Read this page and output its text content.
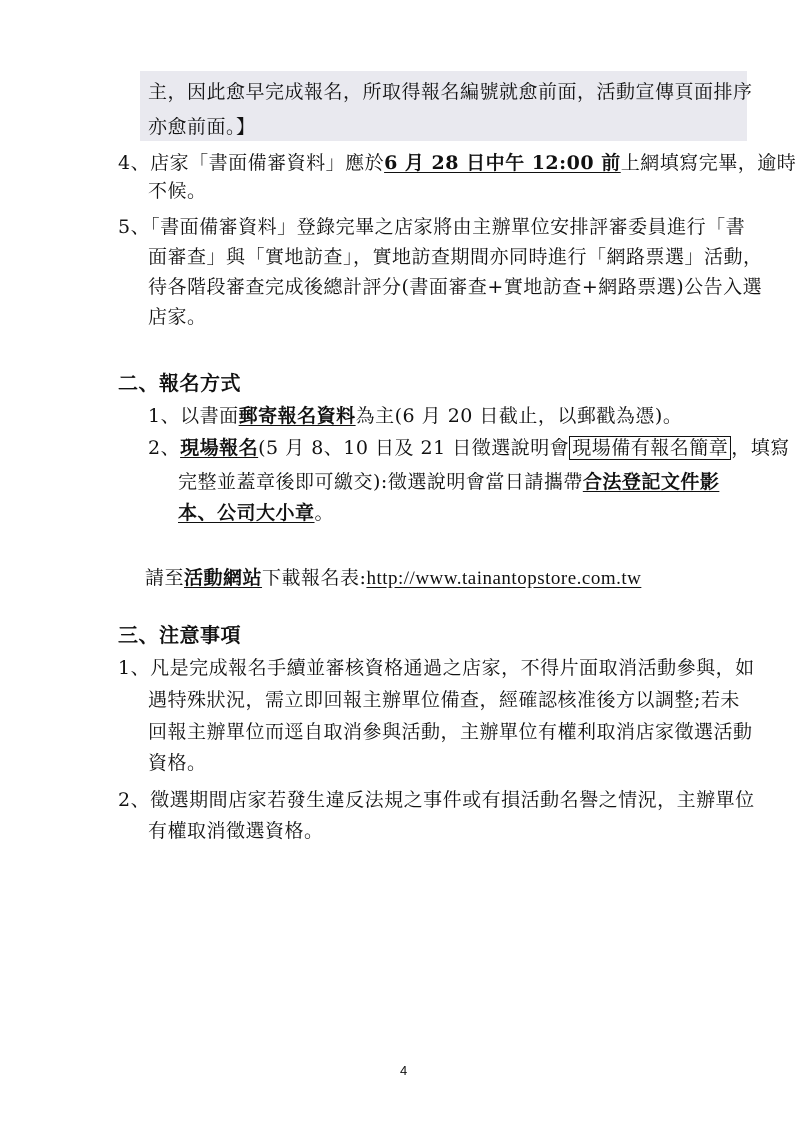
主，因此愈早完成報名，所取得報名編號就愈前面，活動宣傳頁面排序
亦愈前面。】
4、店家「書面備審資料」應於6 月 28 日中午 12:00 前上網填寫完畢，逾時
不候。
5、「書面備審資料」登錄完畢之店家將由主辦單位安排評審委員進行「書
面審查」與「實地訪查」，實地訪查期間亦同時進行「網路票選」活動，
待各階段審查完成後總計評分(書面審查+實地訪查+網路票選)公告入選
店家。
二、報名方式
1、以書面郵寄報名資料為主(6 月 20 日截止，以郵戳為憑)。
2、現場報名(5 月 8、10 日及 21 日徵選說明會 現場備有報名簡章 ，填寫
完整並蓋章後即可繳交):徵選說明會當日請攜帶合法登記文件影
本、公司大小章。
請至活動網站下載報名表:http://www.tainantopstore.com.tw
三、注意事項
1、凡是完成報名手續並審核資格通過之店家，不得片面取消活動參與，如
遇特殊狀況，需立即回報主辦單位備查，經確認核准後方以調整;若未
回報主辦單位而逕自取消參與活動，主辦單位有權利取消店家徵選活動
資格。
2、徵選期間店家若發生違反法規之事件或有損活動名譽之情況，主辦單位
有權取消徵選資格。
4
